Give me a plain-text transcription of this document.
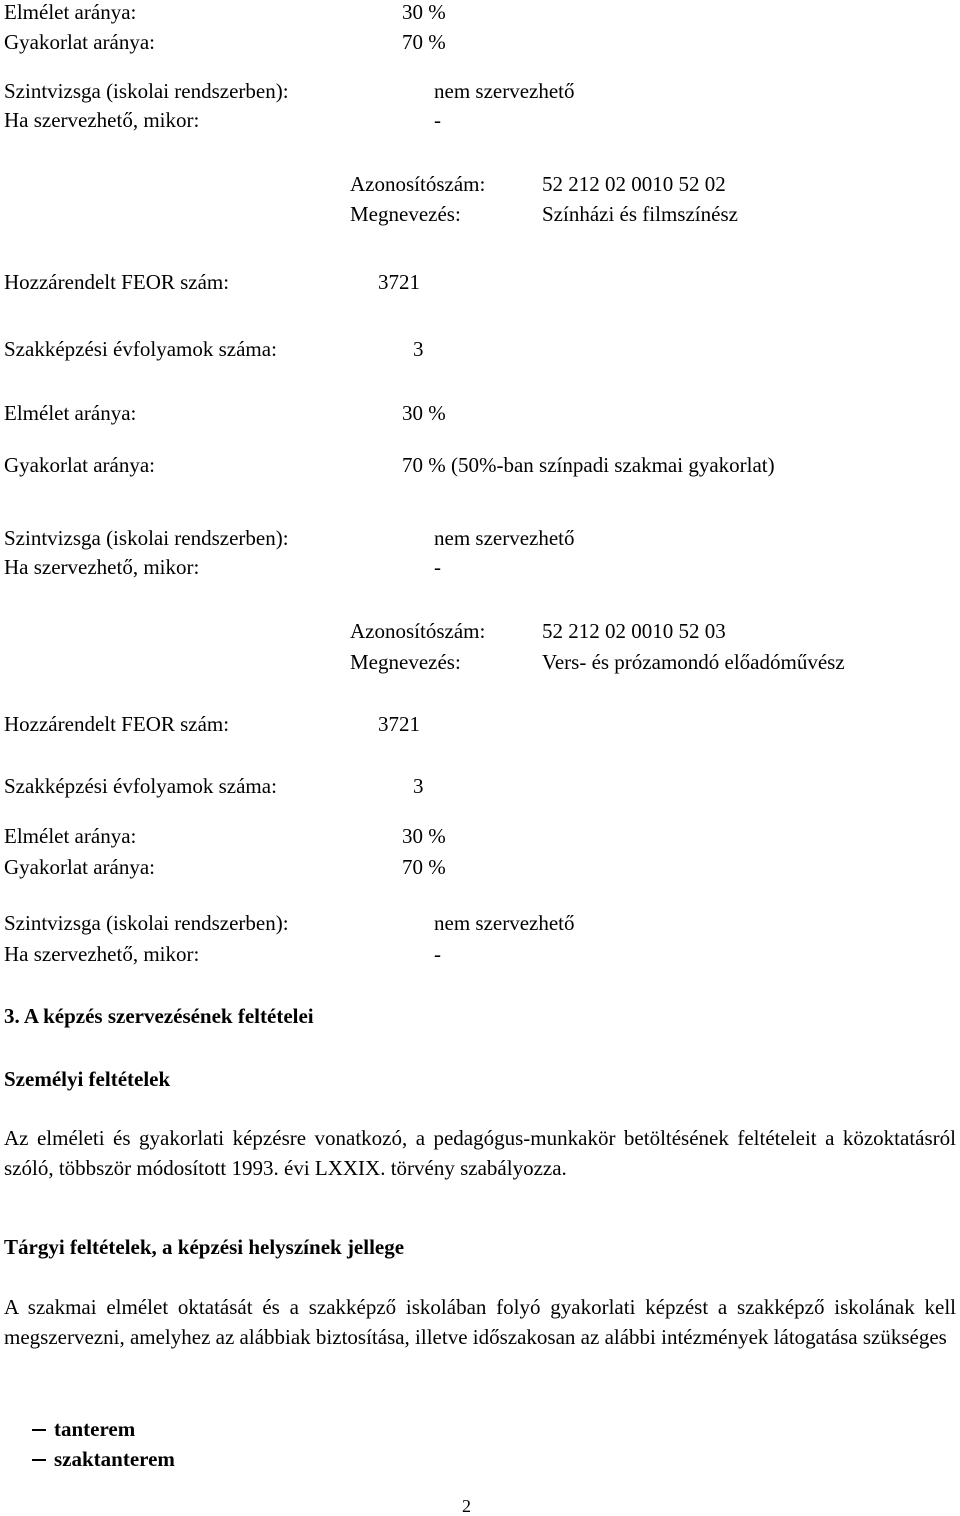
Elmélet aránya:	30 %
Gyakorlat aránya:	70 %
Szintvizsga (iskolai rendszerben):	nem szervezhető
Ha szervezhető, mikor:	-
Azonosítószám:	52 212 02 0010 52 02
Megnevezés:	Színházi és filmszínész
Hozzárendelt FEOR szám:	3721
Szakképzési évfolyamok száma:	3
Elmélet aránya:	30 %
Gyakorlat aránya:	70 % (50%-ban színpadi szakmai gyakorlat)
Szintvizsga (iskolai rendszerben):	nem szervezhető
Ha szervezhető, mikor:	-
Azonosítószám:	52 212 02 0010 52 03
Megnevezés:	Vers- és prózamondó előadóművész
Hozzárendelt FEOR szám:	3721
Szakképzési évfolyamok száma:	3
Elmélet aránya:	30 %
Gyakorlat aránya:	70 %
Szintvizsga (iskolai rendszerben):	nem szervezhető
Ha szervezhető, mikor:	-
3. A képzés szervezésének feltételei
Személyi feltételek

Az elméleti és gyakorlati képzésre vonatkozó, a pedagógus-munkakör betöltésének feltételeit a közoktatásról szóló, többször módosított 1993. évi LXXIX. törvény szabályozza.

Tárgyi feltételek, a képzési helyszínek jellege

A szakmai elmélet oktatását és a szakképző iskolában folyó gyakorlati képzést a szakképző iskolának kell megszervezni, amelyhez az alábbiak biztosítása, illetve időszakosan az alábbi intézmények látogatása szükséges

tanterem
szaktanterem
2
